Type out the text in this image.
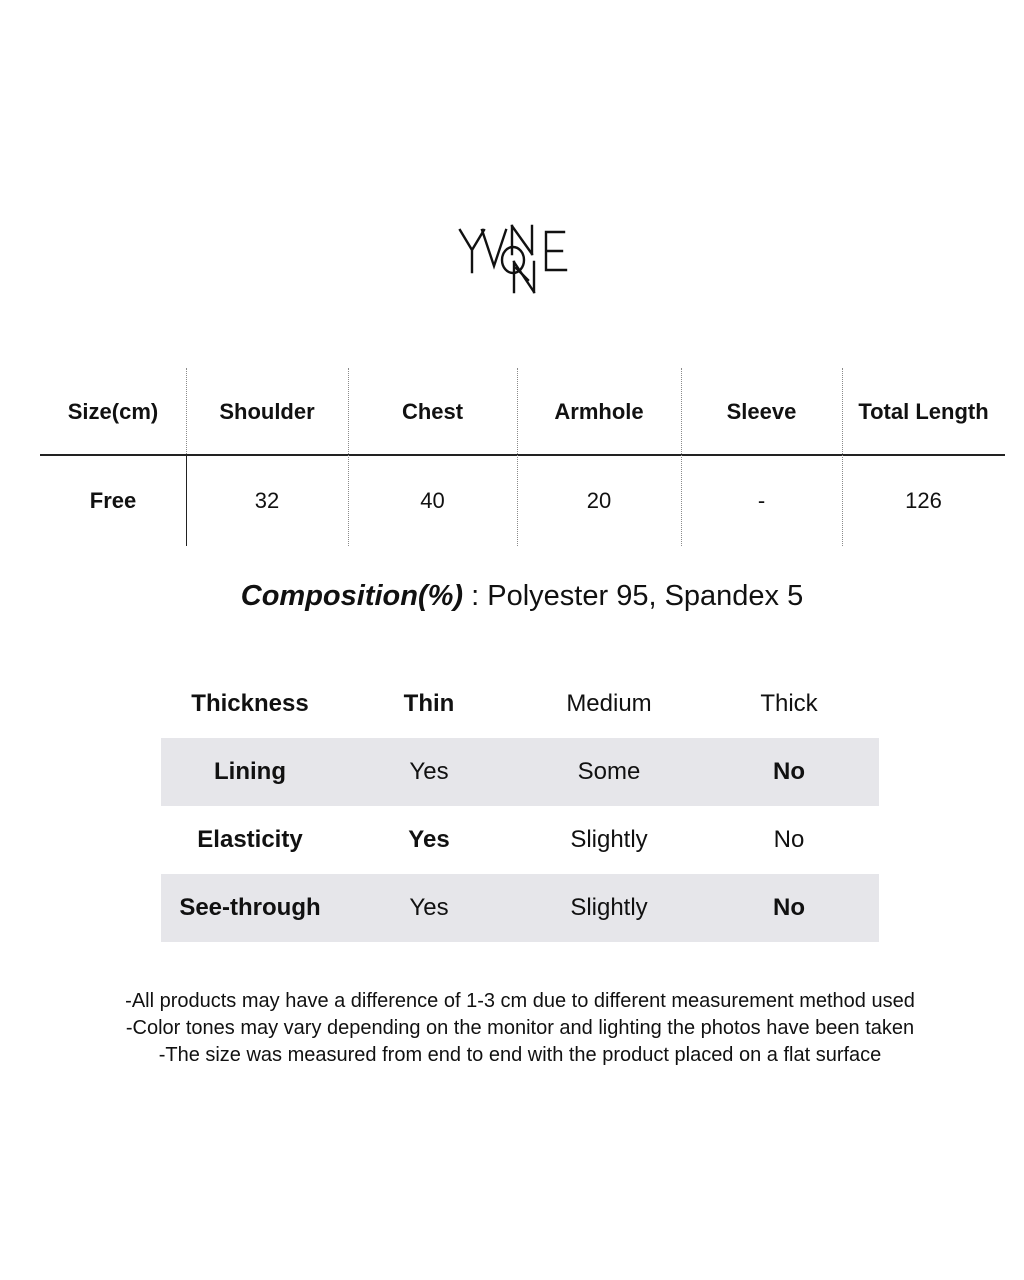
Size(cm)	Shoulder	Chest	Armhole	Sleeve	Total Length
Free	32	40	20	-	126
Composition(%) : Polyester 95, Spandex 5
Thickness	Thin	Medium	Thick
Lining	Yes	Some	No
Elasticity	Yes	Slightly	No
See-through	Yes	Slightly	No
-All products may have a difference of 1-3 cm due to different measurement method used
-Color tones may vary depending on the monitor and lighting the photos have been taken
-The size was measured from end to end with the product placed on a flat surface
